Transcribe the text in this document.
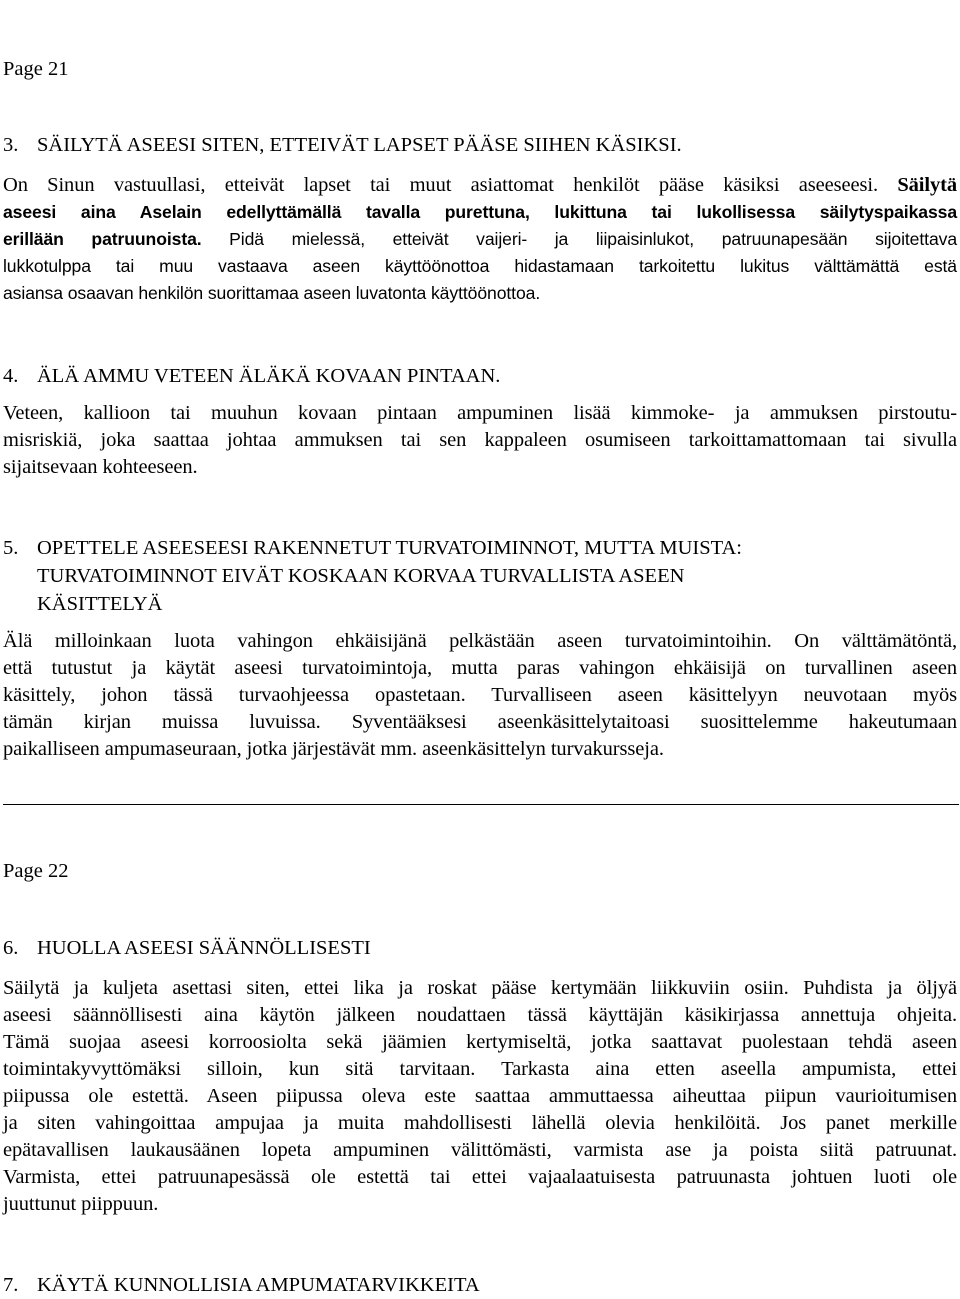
Page 21
3. SÄILYTÄ ASEESI SITEN, ETTEIVÄT LAPSET PÄÄSE SIIHEN KÄSIKSI.
On Sinun vastuullasi, etteivät lapset tai muut asiattomat henkilöt pääse käsiksi aseeseesi. Säilytä
aseesi aina Aselain edellyttämällä tavalla purettuna, lukittuna tai lukollisessa säilytyspaikassa
erillään patruunoista. Pidä mielessä, etteivät vaijeri- ja liipaisinlukot, patruunapesään sijoitettava
lukkotulppa tai muu vastaava aseen käyttöönottoa hidastamaan tarkoitettu lukitus välttämättä estä
asiansa osaavan henkilön suorittamaa aseen luvatonta käyttöönottoa.
4. ÄLÄ AMMU VETEEN ÄLÄKÄ KOVAAN PINTAAN.
Veteen, kallioon tai muuhun kovaan pintaan ampuminen lisää kimmoke- ja ammuksen pirstoutu-
misriskiä, joka saattaa johtaa ammuksen tai sen kappaleen osumiseen tarkoittamattomaan tai sivulla
sijaitsevaan kohteeseen.
5. OPETTELE ASEESEESI RAKENNETUT TURVATOIMINNOT, MUTTA MUISTA:
TURVATOIMINNOT EIVÄT KOSKAAN KORVAA TURVALLISTA ASEEN
KÄSITTELYÄ
Älä milloinkaan luota vahingon ehkäisijänä pelkästään aseen turvatoimintoihin. On välttämätöntä,
että tutustut ja käytät aseesi turvatoimintoja, mutta paras vahingon ehkäisijä on turvallinen aseen
käsittely, johon tässä turvaohjeessa opastetaan. Turvalliseen aseen käsittelyyn neuvotaan myös
tämän kirjan muissa luvuissa. Syventääksesi aseenkäsittelytaitoasi suosittelemme hakeutumaan
paikalliseen ampumaseuraan, jotka järjestävät mm. aseenkäsittelyn turvakursseja.
Page 22
6. HUOLLA ASEESI SÄÄNNÖLLISESTI
Säilytä ja kuljeta asettasi siten, ettei lika ja roskat pääse kertymään liikkuviin osiin. Puhdista ja öljyä
aseesi säännöllisesti aina käytön jälkeen noudattaen tässä käyttäjän käsikirjassa annettuja ohjeita.
Tämä suojaa aseesi korroosiolta sekä jäämien kertymiseltä, jotka saattavat puolestaan tehdä aseen
toimintakyvyttömäksi silloin, kun sitä tarvitaan. Tarkasta aina etten aseella ampumista, ettei
piipussa ole estettä. Aseen piipussa oleva este saattaa ammuttaessa aiheuttaa piipun vaurioitumisen
ja siten vahingoittaa ampujaa ja muita mahdollisesti lähellä olevia henkilöitä. Jos panet merkille
epätavallisen laukausäänen lopeta ampuminen välittömästi, varmista ase ja poista siitä patruunat.
Varmista, ettei patruunapesässä ole estettä tai ettei vajaalaatuisesta patruunasta johtuen luoti ole
juuttunut piippuun.
7. KÄYTÄ KUNNOLLISIA AMPUMATARVIKKEITA
